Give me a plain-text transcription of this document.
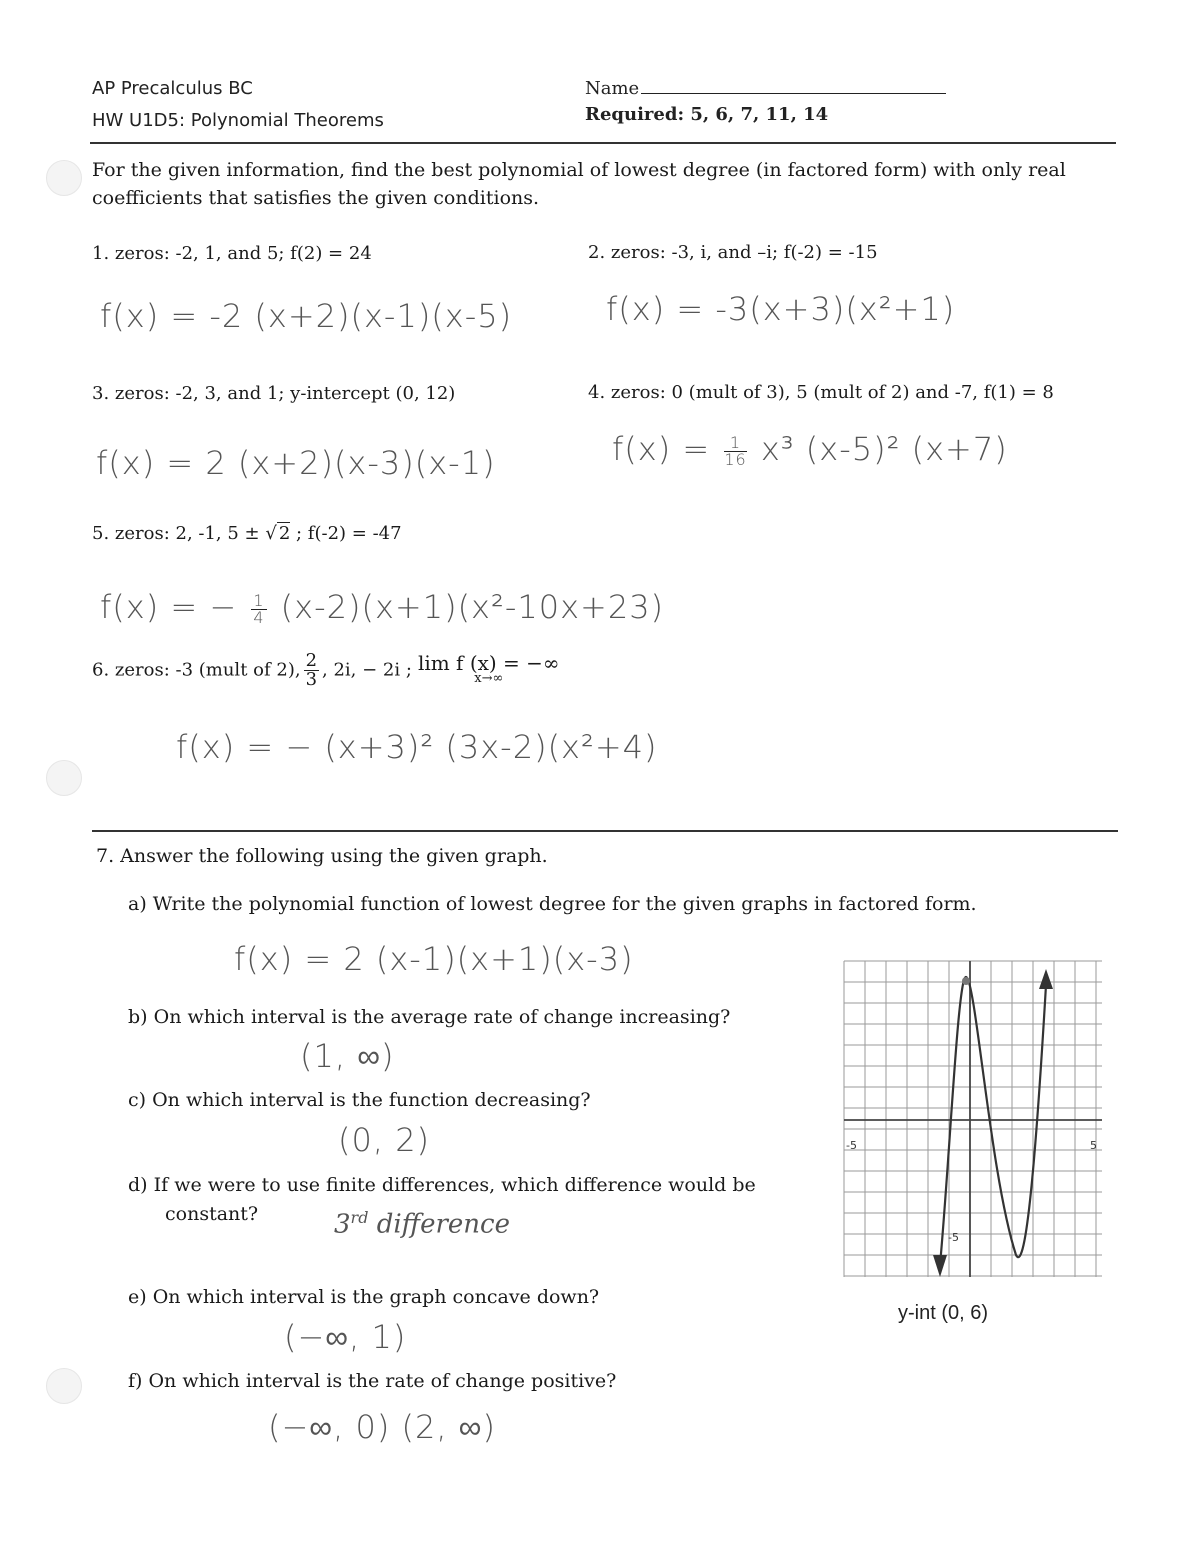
AP Precalculus BC
HW U1D5: Polynomial Theorems
Name
Required: 5, 6, 7, 11, 14
For the given information, find the best polynomial of lowest degree (in factored form) with only real coefficients that satisfies the given conditions.
1. zeros: -2, 1, and 5; f(2) = 24
f(x) = -2 (x+2)(x-1)(x-5)
2. zeros: -3, i, and –i; f(-2) = -15
f(x) = -3(x+3)(x²+1)
3. zeros: -2, 3, and 1; y-intercept (0, 12)
f(x) = 2 (x+2)(x-3)(x-1)
4. zeros: 0 (mult of 3), 5 (mult of 2) and -7, f(1) = 8
$f(x) = \frac{1}{16} x^3$ (x-5)² (x+7)
5. zeros: 2, -1, 5 ± √ 2 ; f(-2) = -47
f(x) = − $\frac{1}{4} (x-2)(x+1)(x^2-10x+23)$
6. zeros: -3 (mult of 2), $\frac{2}{3}$ , 2i, − 2i ; lim f (x) = −∞
x→∞
f(x) = − (x+3)² (3x-2)(x²+4)
7. Answer the following using the given graph.
a) Write the polynomial function of lowest degree for the given graphs in factored form.
f(x) = 2 (x-1)(x+1)(x-3)
b) On which interval is the average rate of change increasing?
(1, ∞)
c) On which interval is the function decreasing?
(0, 2)
d) If we were to use finite differences, which difference would be
constant?	3rd difference
e) On which interval is the graph concave down?
(−∞, 1)
f) On which interval is the rate of change positive?
(−∞, 0) (2, ∞)
-5	5
-5
y-int (0, 6)
